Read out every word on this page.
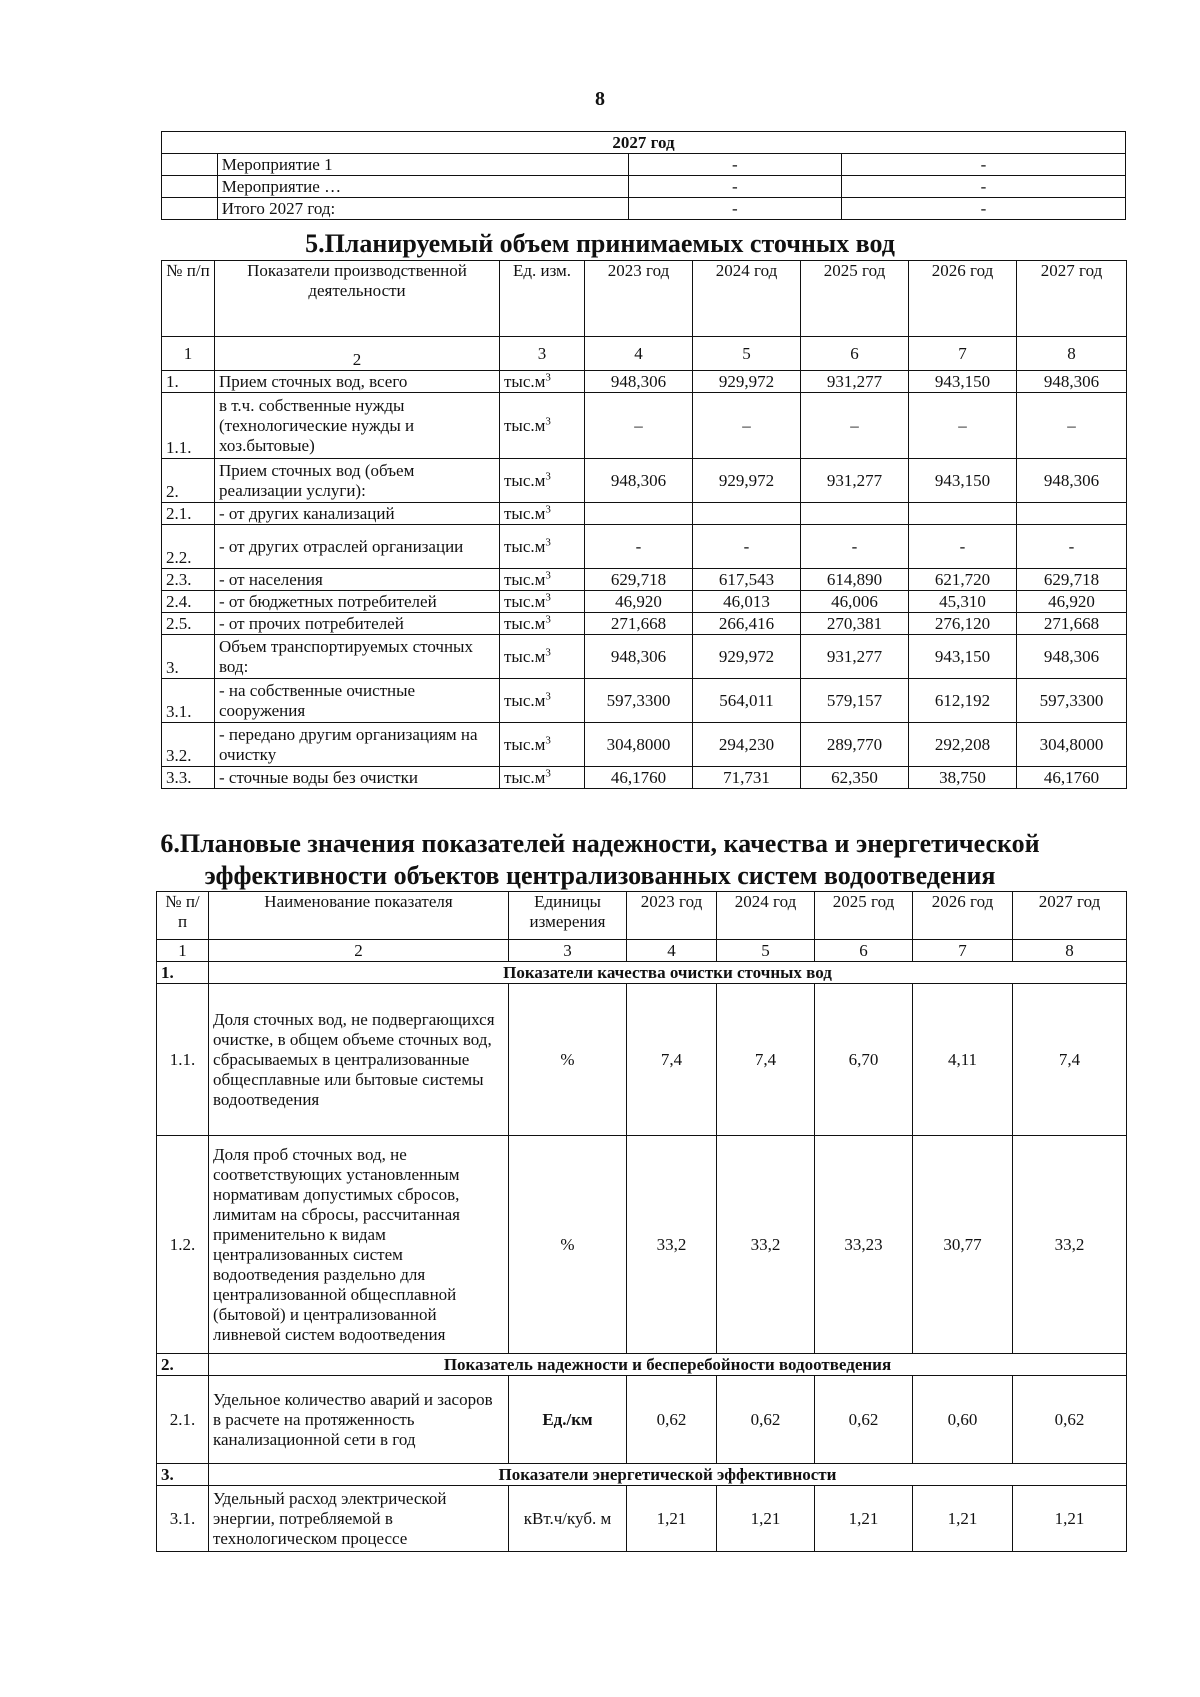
8
2027 год			
	Мероприятие 1	-	-
	Мероприятие …	-	-
	Итого 2027 год:	-	-
5.Планируемый объем принимаемых сточных вод
№ п/п	Показатели производственной деятельности	Ед. изм.	2023 год	2024 год	2025 год	2026 год	2027 год
1	2	3	4	5	6	7	8
1.	Прием сточных вод, всего	$тыс.м^3$	948,306	929,972	931,277	943,150	948,306
1.1.	в т.ч. собственные нужды (технологические нужды и хоз.бытовые)	$тыс.м^3$	–	–	–	–	–
2.	Прием сточных вод (объем реализации услуги):	$тыс.м^3$	948,306	929,972	931,277	943,150	948,306
2.1.	- от других канализаций	$тыс.м^3$					
2.2.	- от других отраслей организации	$тыс.м^3$	-	-	-	-	-
2.3.	- от населения	$тыс.м^3$	629,718	617,543	614,890	621,720	629,718
2.4.	- от бюджетных потребителей	$тыс.м^3$	46,920	46,013	46,006	45,310	46,920
2.5.	- от прочих потребителей	$тыс.м^3$	271,668	266,416	270,381	276,120	271,668
3.	Объем транспортируемых сточных вод:	$тыс.м^3$	948,306	929,972	931,277	943,150	948,306
3.1.	- на собственные очистные сооружения	$тыс.м^3$	597,3300	564,011	579,157	612,192	597,3300
3.2.	- передано другим организациям на очистку	$тыс.м^3$	304,8000	294,230	289,770	292,208	304,8000
3.3.	- сточные воды без очистки	$тыс.м^3$	46,1760	71,731	62,350	38,750	46,1760
6.Плановые значения показателей надежности, качества и энергетической
эффективности объектов централизованных систем водоотведения
№ п/п	Наименование показателя	Единицы измерения	2023 год	2024 год	2025 год	2026 год	2027 год
1	2	3	4	5	6	7	8
1.	Показатели качества очистки сточных вод						
1.1.	Доля сточных вод, не подвергающихся очистке, в общем объеме сточных вод, сбрасываемых в централизованные общесплавные или бытовые системы водоотведения	%	7,4	7,4	6,70	4,11	7,4
1.2.	Доля проб сточных вод, не соответствующих установленным нормативам допустимых сбросов, лимитам на сбросы, рассчитанная применительно к видам централизованных систем водоотведения раздельно для централизованной общесплавной (бытовой) и централизованной ливневой систем водоотведения	%	33,2	33,2	33,23	30,77	33,2
2.	Показатель надежности и бесперебойности водоотведения						
2.1.	Удельное количество аварий и засоров в расчете на протяженность канализационной сети в год	Ед./км	0,62	0,62	0,62	0,60	0,62
3.	Показатели энергетической эффективности						
3.1.	Удельный расход электрической энергии, потребляемой в технологическом процессе	кВт.ч/куб. м	1,21	1,21	1,21	1,21	1,21
